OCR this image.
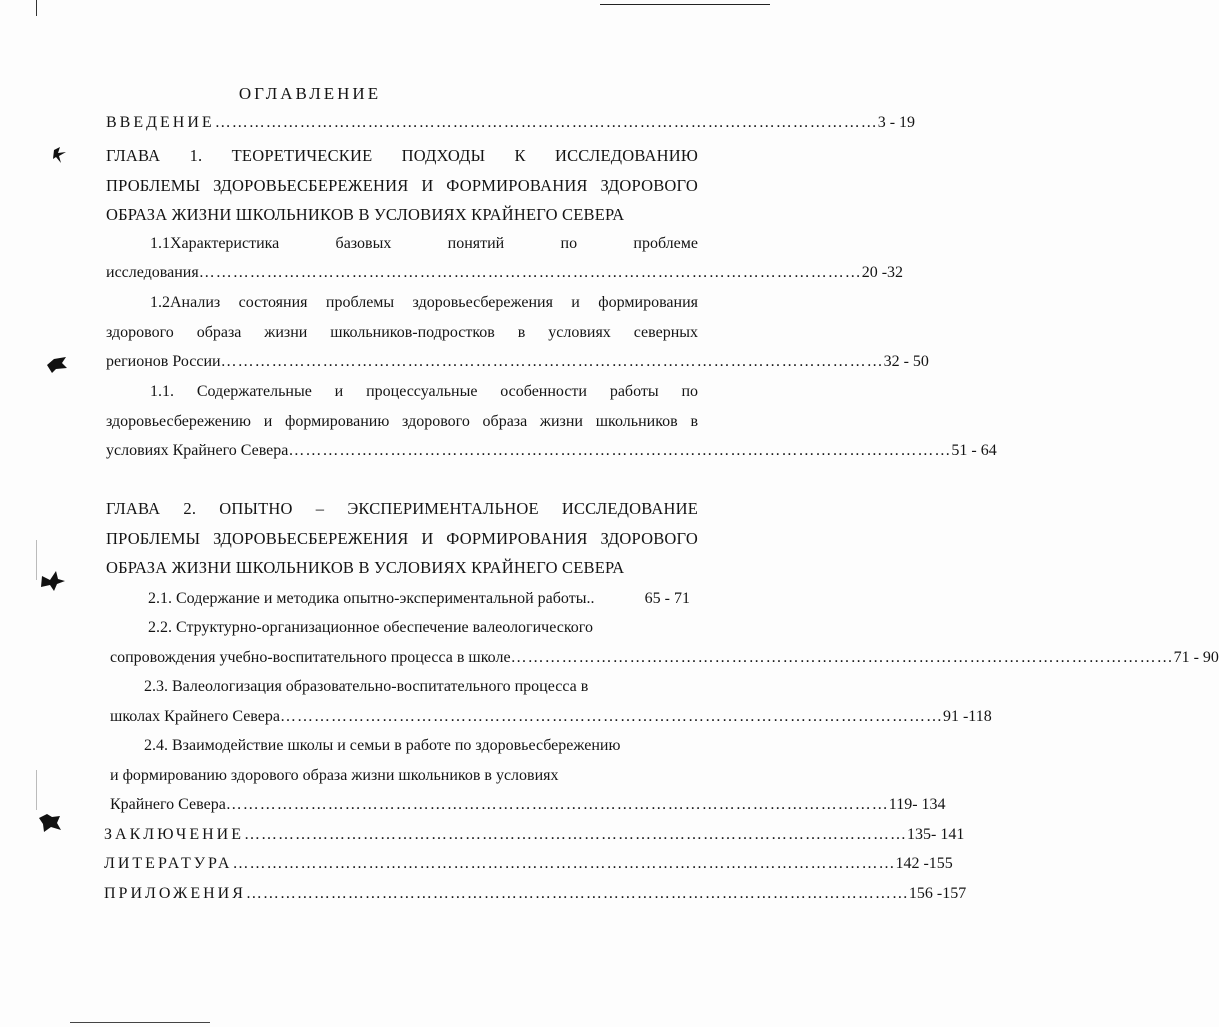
ОГЛАВЛЕНИЕ
ВВЕДЕНИЕ ……………………………………………………………………………………………………… 3 - 19
ГЛАВА 1. ТЕОРЕТИЧЕСКИЕ ПОДХОДЫ К ИССЛЕДОВАНИЮ
ПРОБЛЕМЫ ЗДОРОВЬЕСБЕРЕЖЕНИЯ И ФОРМИРОВАНИЯ ЗДОРОВОГО
ОБРАЗА ЖИЗНИ ШКОЛЬНИКОВ В УСЛОВИЯХ КРАЙНЕГО СЕВЕРА
1.1Характеристика базовых понятий по проблеме
исследования ……………………………………………………………………………………………………… 20 -32
1.2Анализ состояния проблемы здоровьесбережения и формирования
здорового образа жизни школьников-подростков в условиях северных
регионов России ……………………………………………………………………………………………………… 32 - 50
1.1. Содержательные и процессуальные особенности работы по
здоровьесбережению и формированию здорового образа жизни школьников в
условиях Крайнего Севера ……………………………………………………………………………………………………… 51 - 64
ГЛАВА 2. ОПЫТНО – ЭКСПЕРИМЕНТАЛЬНОЕ ИССЛЕДОВАНИЕ
ПРОБЛЕМЫ ЗДОРОВЬЕСБЕРЕЖЕНИЯ И ФОРМИРОВАНИЯ ЗДОРОВОГО
ОБРАЗА ЖИЗНИ ШКОЛЬНИКОВ В УСЛОВИЯХ КРАЙНЕГО СЕВЕРА
2.1. Содержание и методика опытно-экспериментальной работы..	65 - 71
2.2. Структурно-организационное обеспечение валеологического
сопровождения учебно-воспитательного процесса в школе ……………………………………………………………………………………………………… 71 - 90
2.3. Валеологизация образовательно-воспитательного процесса в
школах Крайнего Севера ……………………………………………………………………………………………………… 91 -118
2.4. Взаимодействие школы и семьи в работе по здоровьесбережению
и формированию здорового образа жизни школьников в условиях
Крайнего Севера ……………………………………………………………………………………………………… 119- 134
ЗАКЛЮЧЕНИЕ ……………………………………………………………………………………………………… 135- 141
ЛИТЕРАТУРА ……………………………………………………………………………………………………… 142 -155
ПРИЛОЖЕНИЯ ……………………………………………………………………………………………………… 156 -157
